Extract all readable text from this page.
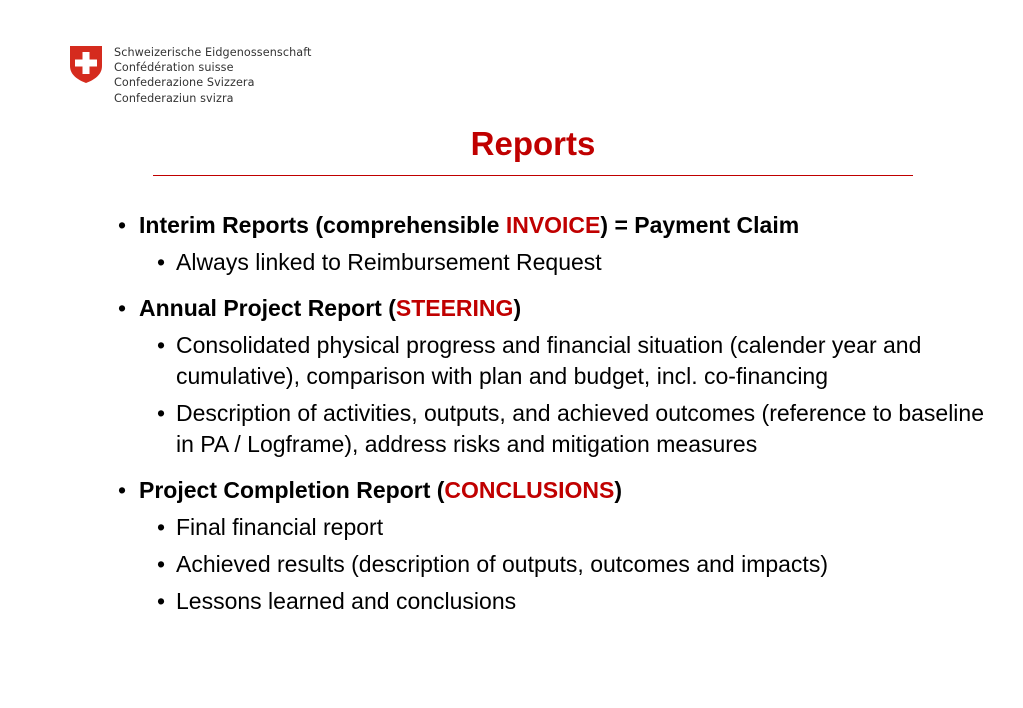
Schweizerische Eidgenossenschaft
Confédération suisse
Confederazione Svizzera
Confederaziun svizra
Reports
• Interim Reports (comprehensible INVOICE) = Payment Claim
• Always linked to Reimbursement Request
• Annual Project Report (STEERING)
• Consolidated physical progress and financial situation (calender year and cumulative), comparison with plan and budget, incl. co-financing
• Description of activities, outputs, and achieved outcomes (reference to baseline in PA / Logframe), address risks and mitigation measures
• Project Completion Report (CONCLUSIONS)
• Final financial report
• Achieved results (description of outputs, outcomes and impacts)
• Lessons learned and conclusions
